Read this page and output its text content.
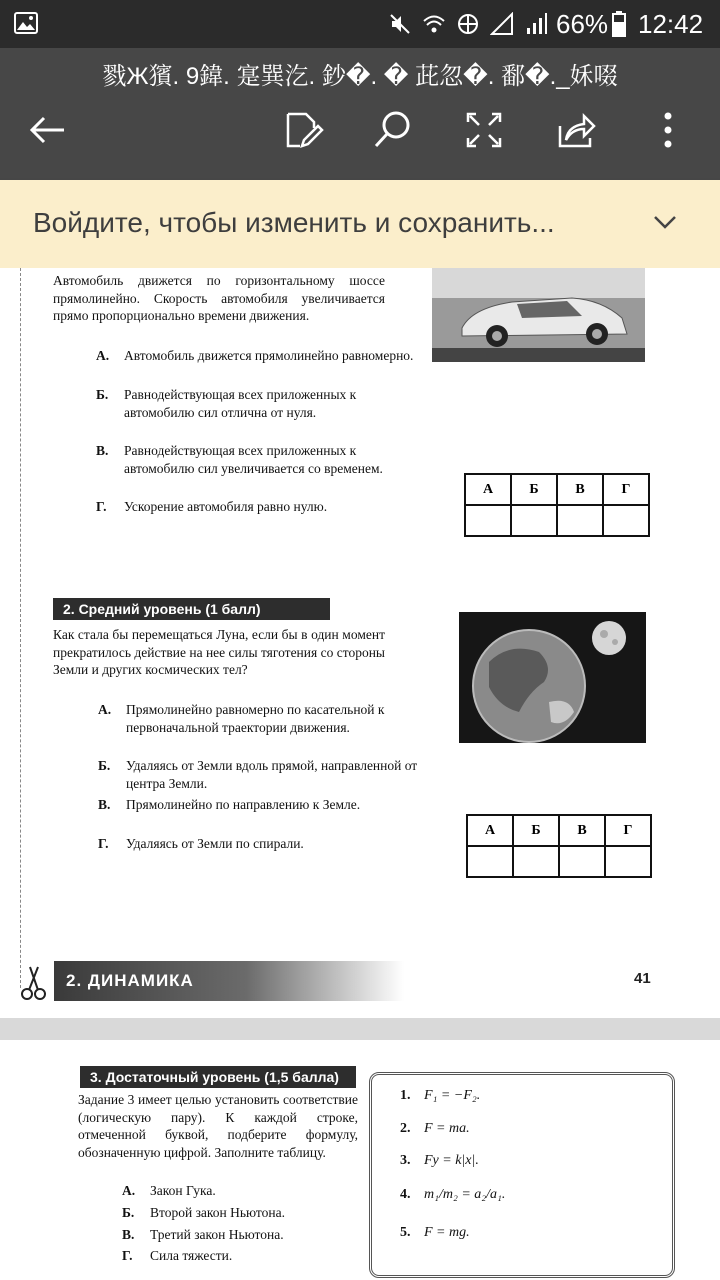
66% 12:42
戮Ж獱. 9鍏. 寔巽汔. 鈔�. � 茈忽�. 鄱�._姀啜
Войдите, чтобы изменить и сохранить...
Автомобиль движется по горизонтальному шоссе прямолинейно. Скорость автомобиля увеличивается прямо пропорционально времени движения.
А. Автомобиль движется прямолинейно равномерно.
Б. Равнодействующая всех приложенных к автомобилю сил отлична от нуля.
В. Равнодействующая всех приложенных к автомобилю сил увеличивается со временем.
Г. Ускорение автомобиля равно нулю.
А	Б	В	Г

2. Средний уровень (1 балл)
Как стала бы перемещаться Луна, если бы в один момент прекратилось действие на нее силы тяготения со стороны Земли и других космических тел?
А. Прямолинейно равномерно по касательной к первоначальной траектории движения.
Б. Удаляясь от Земли вдоль прямой, направленной от центра Земли.
В. Прямолинейно по направлению к Земле.
Г. Удаляясь от Земли по спирали.
А	Б	В	Г

2. ДИНАМИКА	41
3. Достаточный уровень (1,5 балла)
Задание 3 имеет целью установить соответствие (логическую пару). К каждой строке, отмеченной буквой, подберите формулу, обозначенную цифрой. Заполните таблицу.
А. Закон Гука.
Б. Второй закон Ньютона.
В. Третий закон Ньютона.
Г. Сила тяжести.
1. F₁ = −F₂.
2. F = ma.
3. Fу = k|x|.
4. m₁/m₂ = a₂/a₁.
5. F = mg.
